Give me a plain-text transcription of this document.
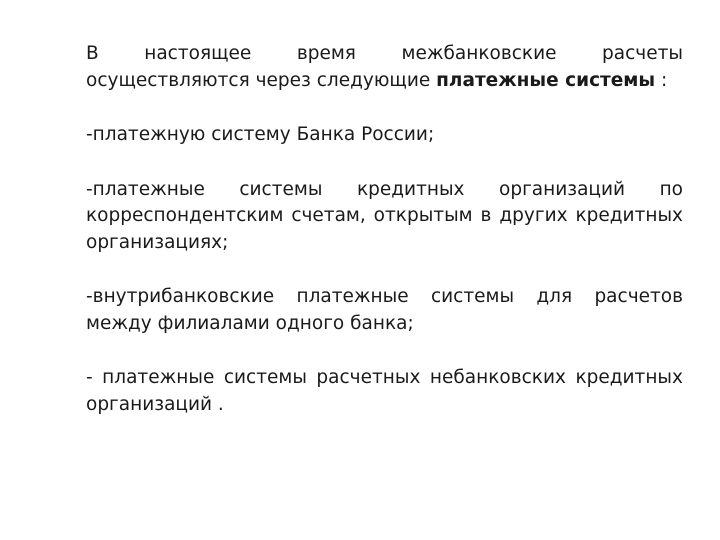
В настоящее время межбанковские расчеты осуществляются через следующие платежные системы :

-платежную систему Банка России;

-платежные системы кредитных организаций по корреспондентским счетам, открытым в других кредитных организациях;

-внутрибанковские платежные системы для расчетов между филиалами одного банка;

- платежные системы расчетных небанковских кредитных организаций .
